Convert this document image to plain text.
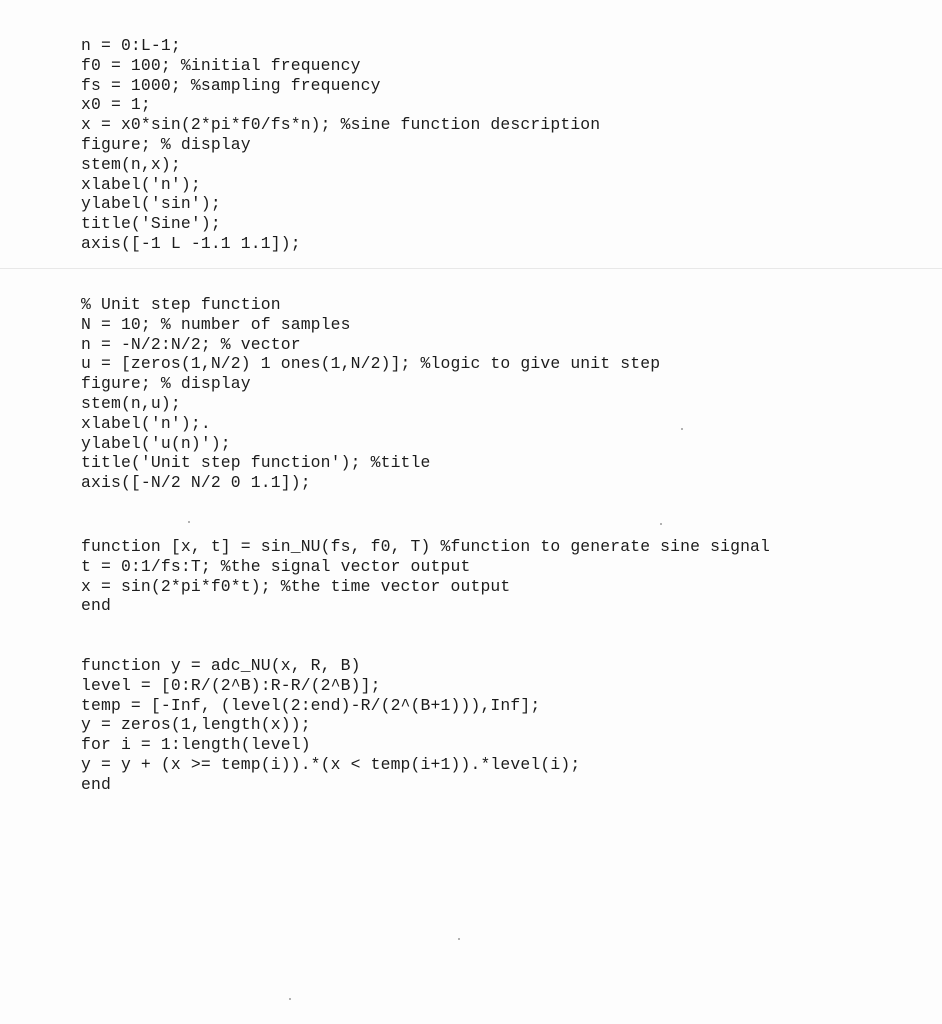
n = 0:L-1;
f0 = 100; %initial frequency
fs = 1000; %sampling frequency
x0 = 1;
x = x0*sin(2*pi*f0/fs*n); %sine function description
figure; % display
stem(n,x);
xlabel('n');
ylabel('sin');
title('Sine');
axis([-1 L -1.1 1.1]);
% Unit step function
N = 10; % number of samples
n = -N/2:N/2; % vector
u = [zeros(1,N/2) 1 ones(1,N/2)]; %logic to give unit step
figure; % display
stem(n,u);
xlabel('n');.
ylabel('u(n)');
title('Unit step function'); %title
axis([-N/2 N/2 0 1.1]);
function [x, t] = sin_NU(fs, f0, T) %function to generate sine signal
t = 0:1/fs:T; %the signal vector output
x = sin(2*pi*f0*t); %the time vector output
end
function y = adc_NU(x, R, B)
level = [0:R/(2^B):R-R/(2^B)];
temp = [-Inf, (level(2:end)-R/(2^(B+1))),Inf];
y = zeros(1,length(x));
for i = 1:length(level)
y = y + (x >= temp(i)).*(x < temp(i+1)).*level(i);
end
